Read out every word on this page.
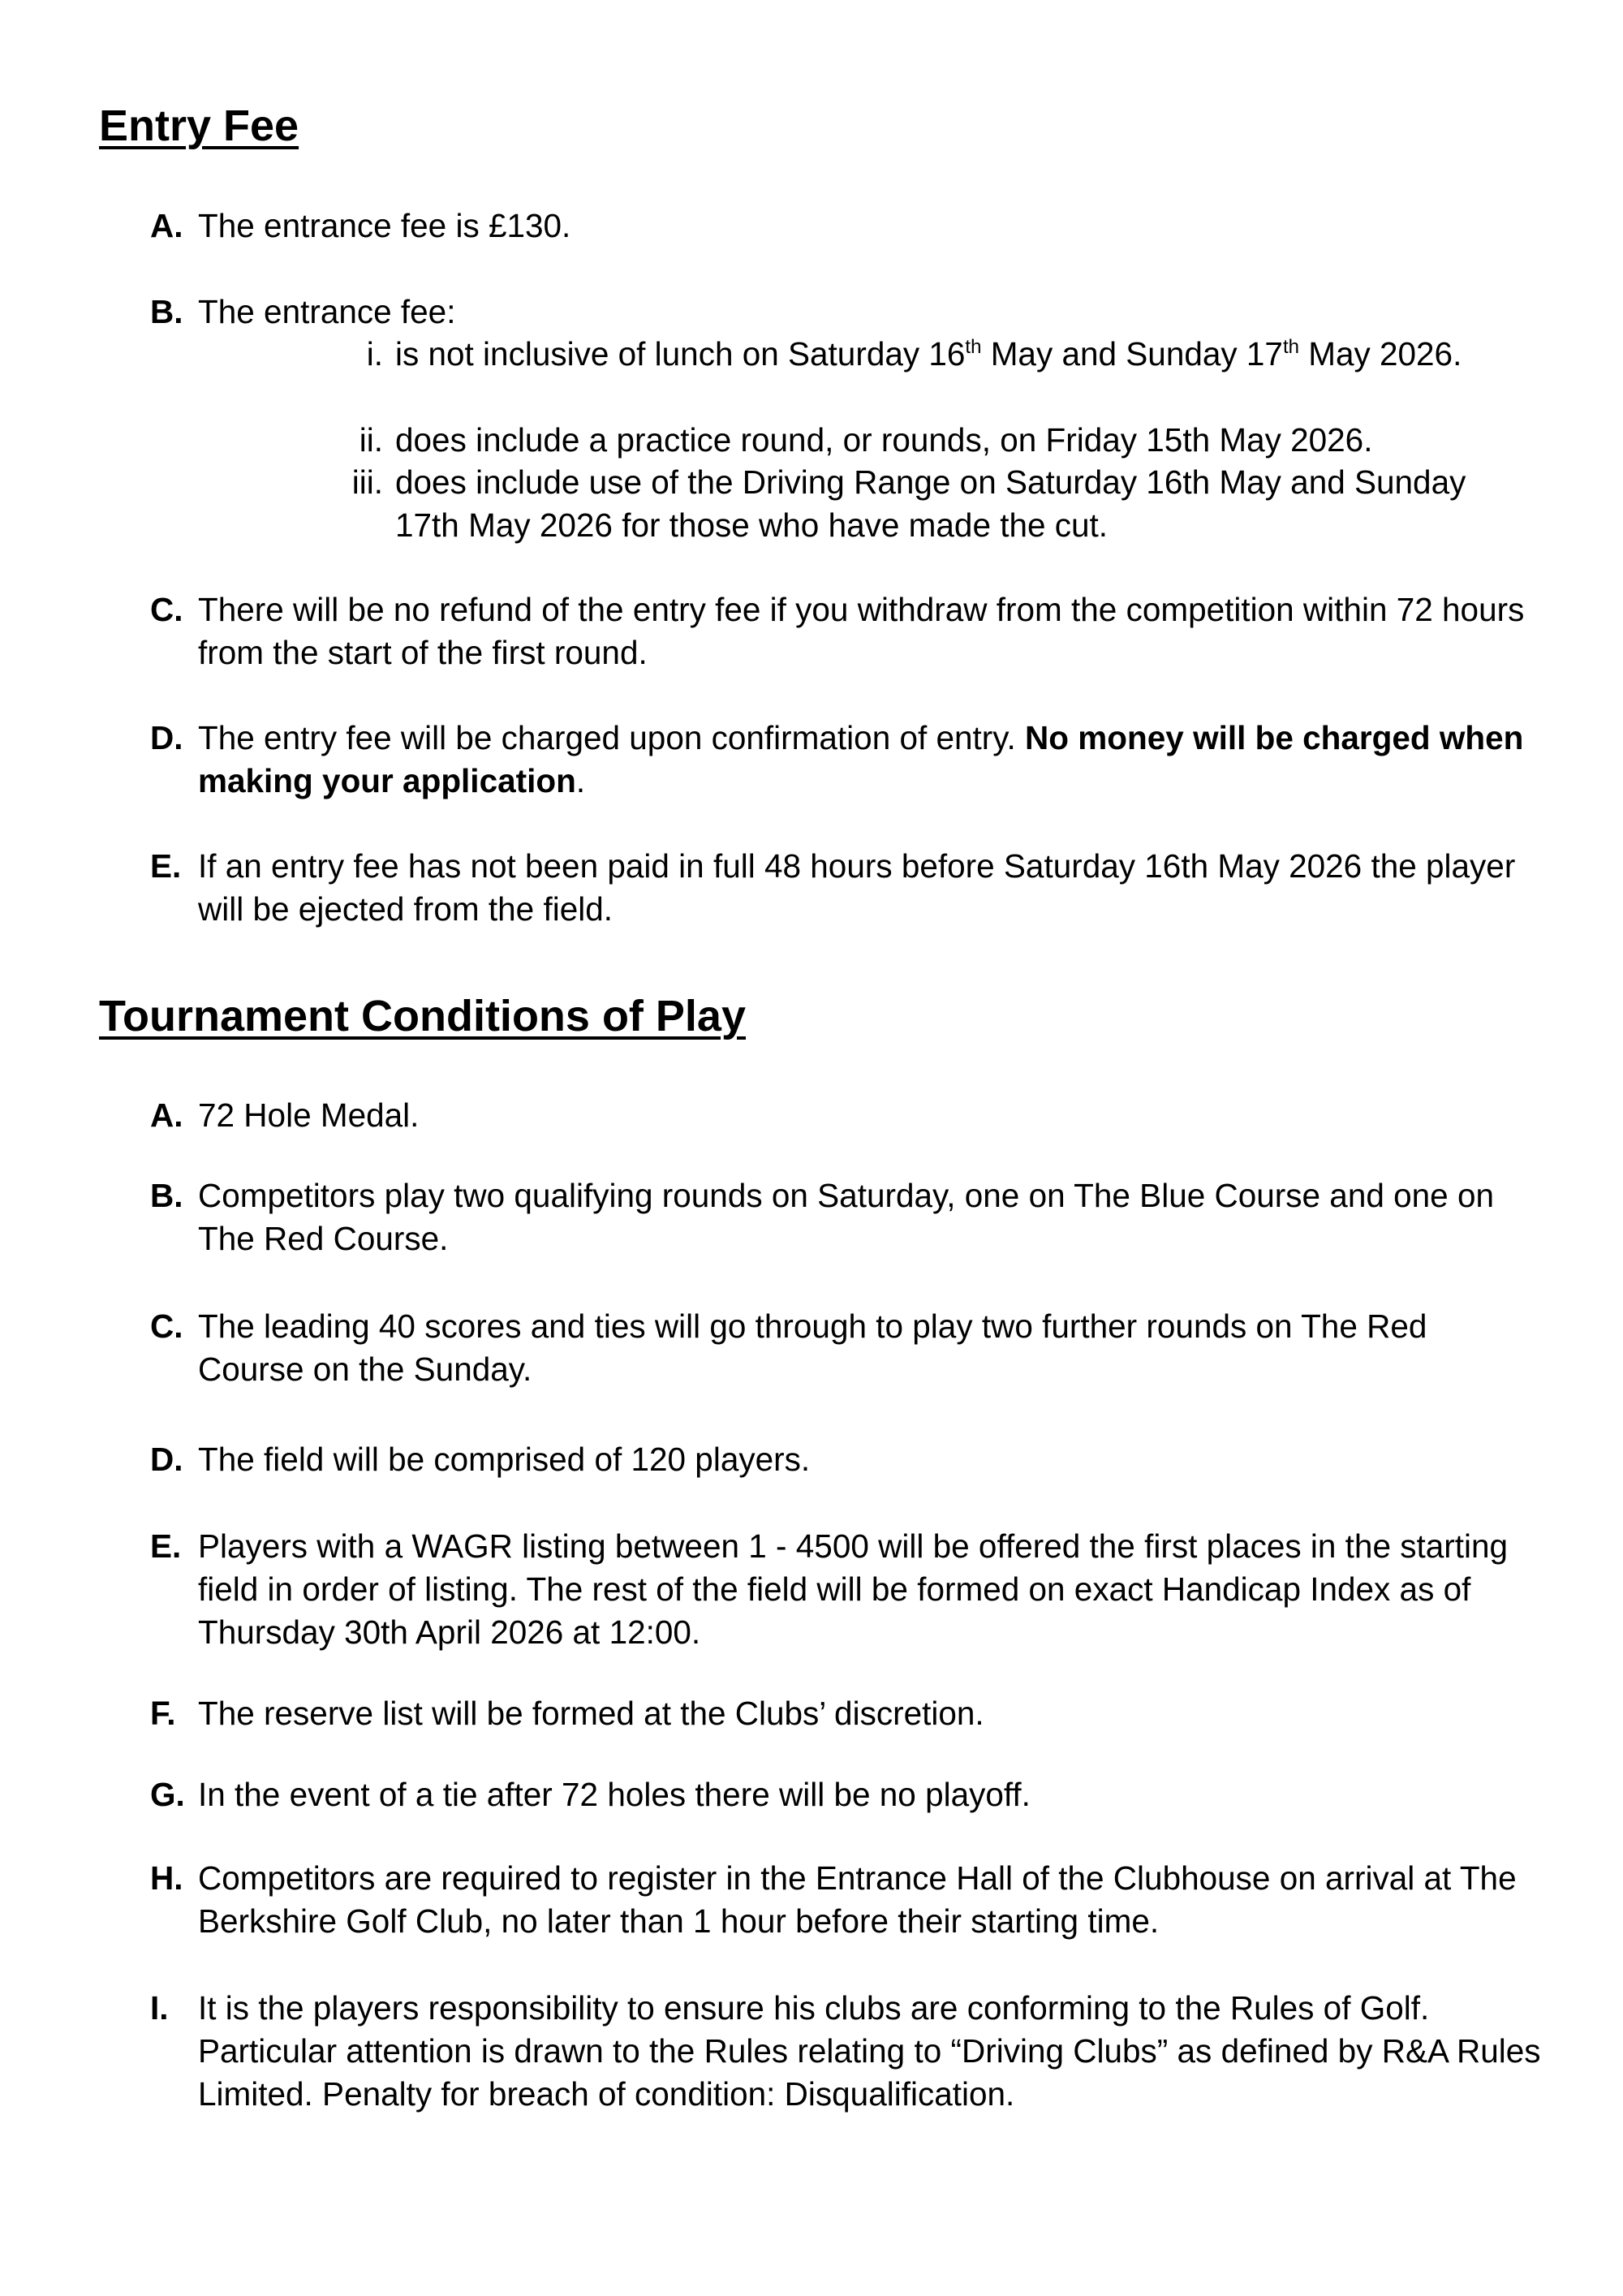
Entry Fee
A. The entrance fee is £130.
B. The entrance fee:
i. is not inclusive of lunch on Saturday 16th May and Sunday 17th May 2026.
ii. does include a practice round, or rounds, on Friday 15th May 2026.
iii. does include use of the Driving Range on Saturday 16th May and Sunday 17th May 2026 for those who have made the cut.
C. There will be no refund of the entry fee if you withdraw from the competition within 72 hours from the start of the first round.
D. The entry fee will be charged upon confirmation of entry. No money will be charged when making your application.
E. If an entry fee has not been paid in full 48 hours before Saturday 16th May 2026 the player will be ejected from the field.
Tournament Conditions of Play
A. 72 Hole Medal.
B. Competitors play two qualifying rounds on Saturday, one on The Blue Course and one on The Red Course.
C. The leading 40 scores and ties will go through to play two further rounds on The Red Course on the Sunday.
D. The field will be comprised of 120 players.
E. Players with a WAGR listing between 1 - 4500 will be offered the first places in the starting field in order of listing. The rest of the field will be formed on exact Handicap Index as of Thursday 30th April 2026 at 12:00.
F. The reserve list will be formed at the Clubs’ discretion.
G. In the event of a tie after 72 holes there will be no playoff.
H. Competitors are required to register in the Entrance Hall of the Clubhouse on arrival at The Berkshire Golf Club, no later than 1 hour before their starting time.
I. It is the players responsibility to ensure his clubs are conforming to the Rules of Golf. Particular attention is drawn to the Rules relating to “Driving Clubs” as defined by R&A Rules Limited. Penalty for breach of condition: Disqualification.
